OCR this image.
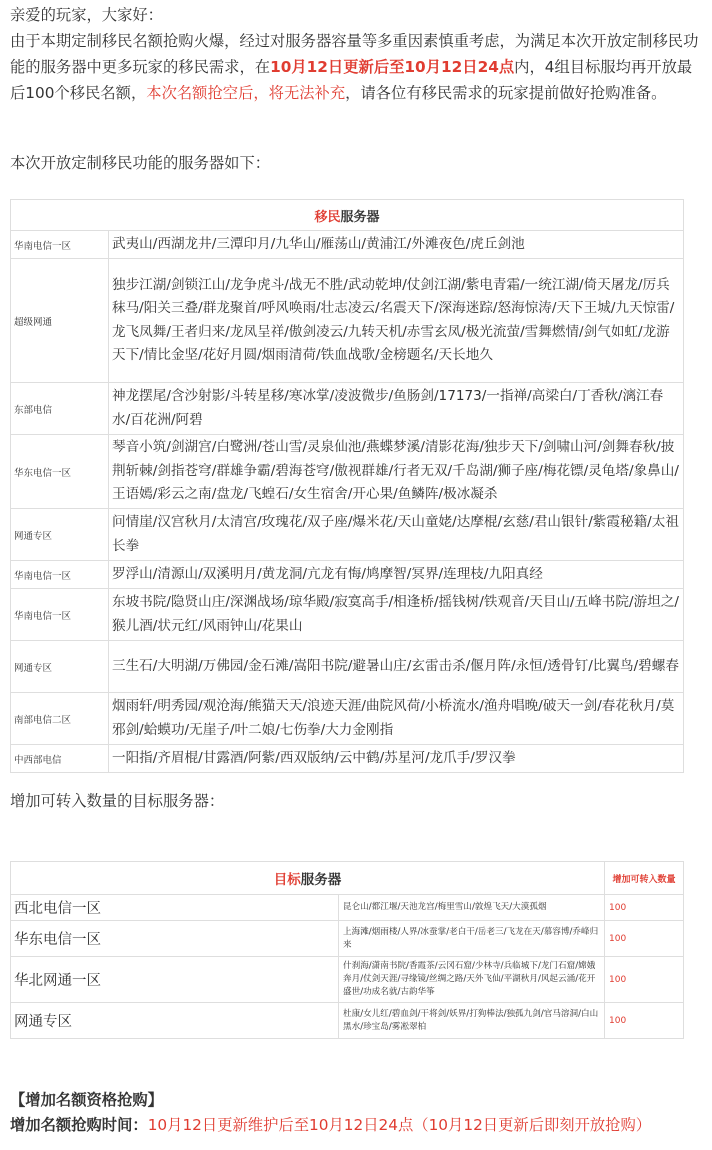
亲爱的玩家，大家好：

由于本期定制移民名额抢购火爆，经过对服务器容量等多重因素慎重考虑，为满足本次开放定制移民功能的服务器中更多玩家的移民需求，在10月12日更新后至10月12日24点内，4组目标服均再开放最后100个移民名额，本次名额抢空后，将无法补充，请各位有移民需求的玩家提前做好抢购准备。

本次开放定制移民功能的服务器如下：

移民服务器	
华南电信一区	武夷山/西湖龙井/三潭印月/九华山/雁荡山/黄浦江/外滩夜色/虎丘剑池
超级网通	独步江湖/剑锁江山/龙争虎斗/战无不胜/武动乾坤/仗剑江湖/紫电青霜/一统江湖/倚天屠龙/厉兵秣马/阳关三叠/群龙聚首/呼风唤雨/壮志凌云/名震天下/深海迷踪/怒海惊涛/天下王城/九天惊雷/龙飞凤舞/王者归来/龙凤呈祥/傲剑凌云/九转天机/赤雪玄凤/极光流萤/雪舞燃情/剑气如虹/龙游天下/情比金坚/花好月圆/烟雨清荷/铁血战歌/金榜题名/天长地久
东部电信	神龙摆尾/含沙射影/斗转星移/寒冰掌/凌波微步/鱼肠剑/17173/一指禅/高梁白/丁香秋/漓江春水/百花洲/阿碧
华东电信一区	琴音小筑/剑湖宫/白鹭洲/苍山雪/灵泉仙池/燕蝶梦溪/清影花海/独步天下/剑啸山河/剑舞春秋/披荆斩棘/剑指苍穹/群雄争霸/碧海苍穹/傲视群雄/行者无双/千岛湖/狮子座/梅花镖/灵龟塔/象鼻山/王语嫣/彩云之南/盘龙/飞蝗石/女生宿舍/开心果/鱼鳞阵/极冰凝杀
网通专区	问情崖/汉宫秋月/太清宫/玫瑰花/双子座/爆米花/天山童姥/达摩棍/玄慈/君山银针/紫霞秘籍/太祖长拳
华南电信一区	罗浮山/清源山/双溪明月/黄龙洞/亢龙有悔/鸠摩智/冥界/连理枝/九阳真经
华南电信一区	东坡书院/隐贤山庄/深渊战场/琼华殿/寂寞高手/相逢桥/摇钱树/铁观音/天目山/五峰书院/游坦之/猴儿酒/状元红/风雨钟山/花果山
网通专区	三生石/大明湖/万佛园/金石滩/嵩阳书院/避暑山庄/玄雷击杀/偃月阵/永恒/透骨钉/比翼鸟/碧螺春
南部电信二区	烟雨轩/明秀园/观沧海/熊猫天天/浪迹天涯/曲院风荷/小桥流水/渔舟唱晚/破天一剑/春花秋月/莫邪剑/蛤蟆功/无崖子/叶二娘/七伤拳/大力金刚指
中西部电信	一阳指/齐眉棍/甘露酒/阿紫/西双版纳/云中鹤/苏星河/龙爪手/罗汉拳

增加可转入数量的目标服务器：

目标服务器		增加可转入数量
西北电信一区	昆仑山/都江堰/天池龙宫/梅里雪山/敦煌飞天/大漠孤烟	100
华东电信一区	上海滩/烟雨楼/人界/冰蚕掌/老白干/岳老三/飞龙在天/慕容博/乔峰归来	100
华北网通一区	什刹海/潇南书院/香霞茶/云冈石窟/少林寺/兵临城下/龙门石窟/嫦娥奔月/仗剑天涯/寻缘镜/丝绸之路/天外飞仙/平湖秋月/风起云涌/花开盛世/功成名就/古韵华筝	100
网通专区	杜康/女儿红/碧血剑/干将剑/妖界/打狗棒法/独孤九剑/官马溶洞/白山黑水/珍宝岛/雾凇翠柏	100
【增加名额资格抢购】
增加名额抢购时间：10月12日更新维护后至10月12日24点（10月12日更新后即刻开放抢购）
